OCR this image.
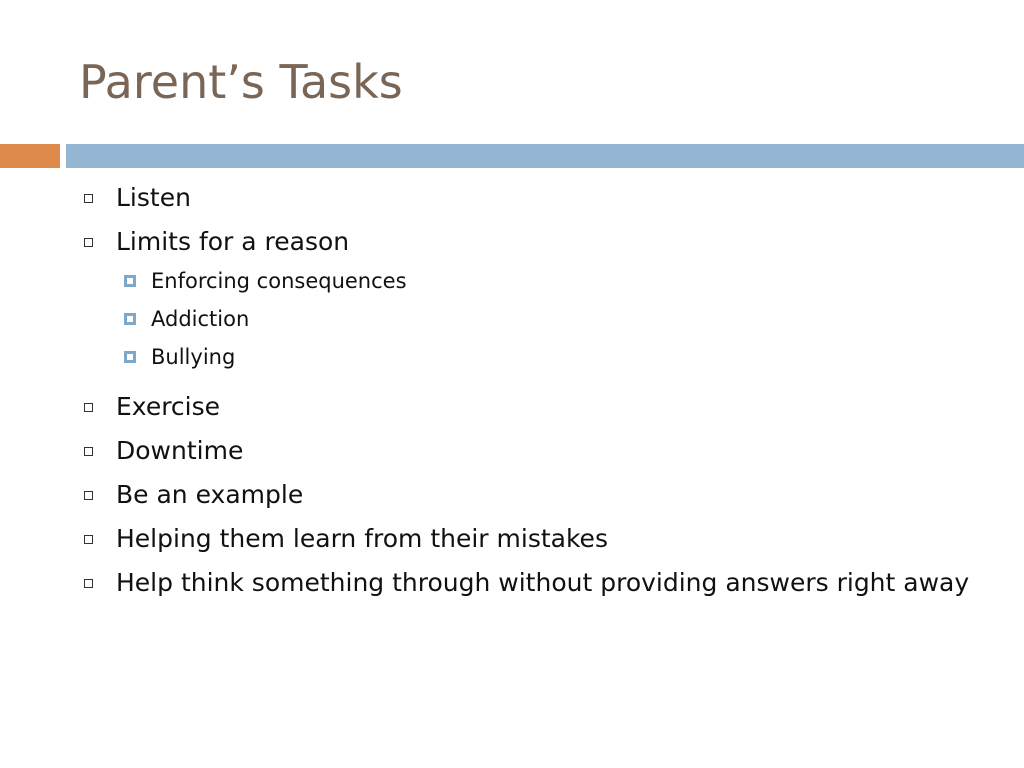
Parent’s Tasks
Listen
Limits for a reason
Enforcing consequences
Addiction
Bullying
Exercise
Downtime
Be an example
Helping them learn from their mistakes
Help think something through without providing answers right away
